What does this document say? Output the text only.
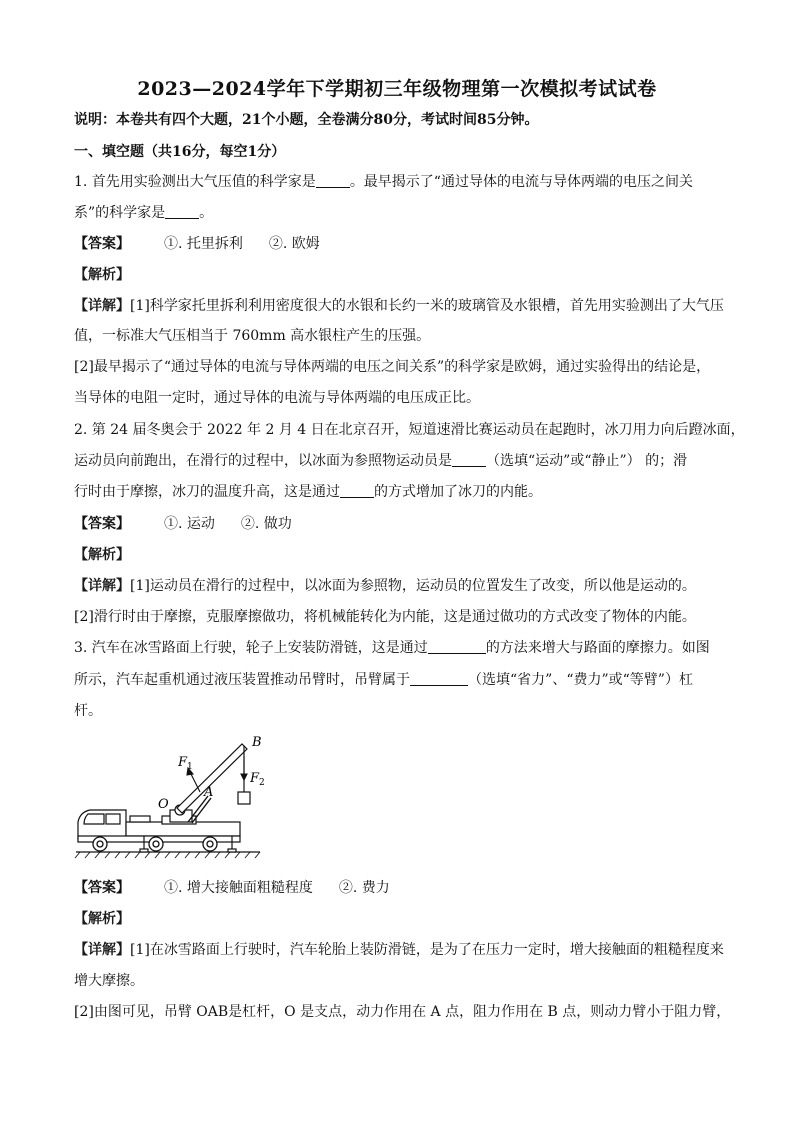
2023—2024学年下学期初三年级物理第一次模拟考试试卷
说明：本卷共有四个大题，21个小题，全卷满分80分，考试时间85分钟。
一、填空题（共16分，每空1分）
1. 首先用实验测出大气压值的科学家是 。最早揭示了“通过导体的电流与导体两端的电压之间关
系”的科学家是 。
【答案】 ①. 托里拆利 ②. 欧姆
【解析】
【详解】[1]科学家托里拆利利用密度很大的水银和长约一米的玻璃管及水银槽，首先用实验测出了大气压
值，一标准大气压相当于 760mm 高水银柱产生的压强。
[2]最早揭示了“通过导体的电流与导体两端的电压之间关系”的科学家是欧姆，通过实验得出的结论是，
当导体的电阻一定时，通过导体的电流与导体两端的电压成正比。
2. 第 24 届冬奥会于 2022 年 2 月 4 日在北京召开，短道速滑比赛运动员在起跑时，冰刀用力向后蹬冰面，
运动员向前跑出，在滑行的过程中，以冰面为参照物运动员是 （选填“运动”或“静止”） 的；滑
行时由于摩擦，冰刀的温度升高，这是通过 的方式增加了冰刀的内能。
【答案】 ①. 运动 ②. 做功
【解析】
【详解】[1]运动员在滑行的过程中，以冰面为参照物，运动员的位置发生了改变，所以他是运动的。
[2]滑行时由于摩擦，克服摩擦做功，将机械能转化为内能，这是通过做功的方式改变了物体的内能。
3. 汽车在冰雪路面上行驶，轮子上安装防滑链，这是通过	的方法来增大与路面的摩擦力。如图
所示，汽车起重机通过液压装置推动吊臂时，吊臂属于	（选填“省力”、“费力”或“等臂”）杠
杆。
B
$F_1$
$F_2$
O
A
【答案】 ①. 增大接触面粗糙程度 ②. 费力
【解析】
【详解】[1]在冰雪路面上行驶时，汽车轮胎上装防滑链，是为了在压力一定时，增大接触面的粗糙程度来
增大摩擦。
[2]由图可见，吊臂 OAB是杠杆，O 是支点，动力作用在 A 点，阻力作用在 B 点，则动力臂小于阻力臂，
